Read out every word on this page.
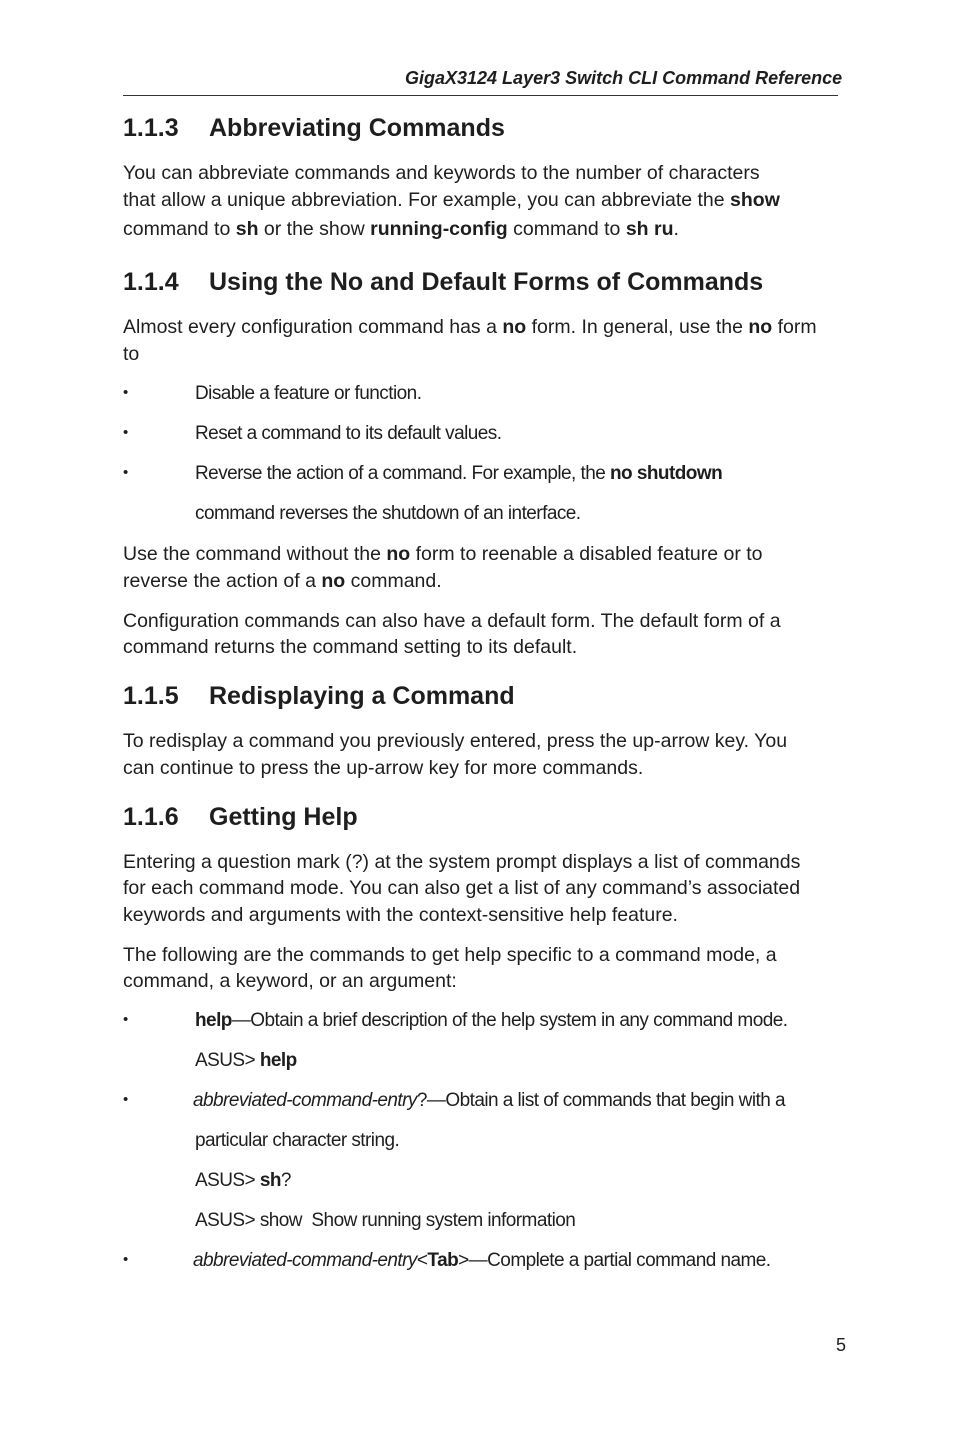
GigaX3124 Layer3 Switch CLI Command Reference
1.1.3 Abbreviating Commands
You can abbreviate commands and keywords to the number of characters
that allow a unique abbreviation. For example, you can abbreviate the show
command to sh or the show running-config command to sh ru.
1.1.4 Using the No and Default Forms of Commands
Almost every configuration command has a no form. In general, use the no form
to
•	Disable a feature or function.
•	Reset a command to its default values.
•	Reverse the action of a command. For example, the no shutdown
command reverses the shutdown of an interface.
Use the command without the no form to reenable a disabled feature or to
reverse the action of a no command.
Configuration commands can also have a default form. The default form of a
command returns the command setting to its default.
1.1.5 Redisplaying a Command
To redisplay a command you previously entered, press the up-arrow key. You
can continue to press the up-arrow key for more commands.
1.1.6 Getting Help
Entering a question mark (?) at the system prompt displays a list of commands
for each command mode. You can also get a list of any command’s associated
keywords and arguments with the context-sensitive help feature.
The following are the commands to get help specific to a command mode, a
command, a keyword, or an argument:
•	help—Obtain a brief description of the help system in any command mode.
ASUS> help
•	abbreviated-command-entry?—Obtain a list of commands that begin with a
particular character string.
ASUS> sh?
ASUS> show  Show running system information
•	abbreviated-command-entry<Tab>—Complete a partial command name.
5
